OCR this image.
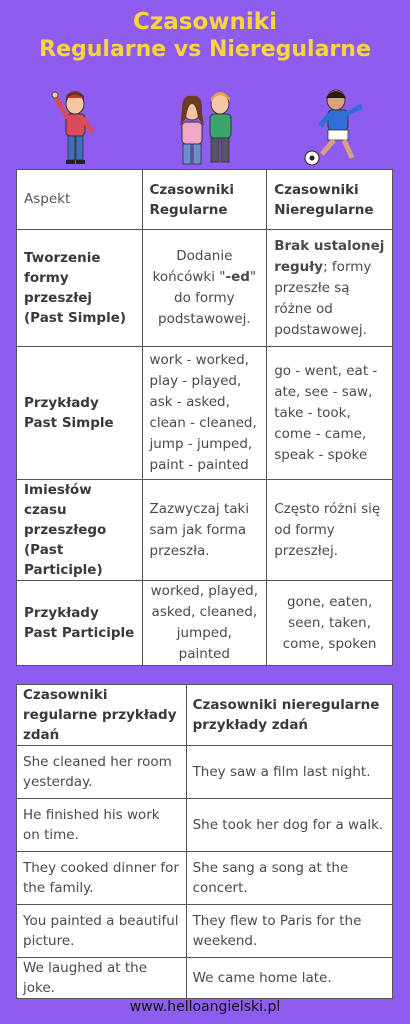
Czasowniki
Regularne vs Nieregularne
Aspekt	Czasowniki Regularne	Czasowniki Nieregularne
Tworzenie formy przeszłej (Past Simple)	Dodanie końcówki "-ed" do formy podstawowej.	Brak ustalonej reguły; formy przeszłe są różne od podstawowej.
Przykłady Past Simple	work - worked, play - played, ask - asked, clean - cleaned, jump - jumped, paint - painted	go - went, eat - ate, see - saw, take - took, come - came, speak - spoke
Imiesłów czasu przeszłego (Past Participle)	Zazwyczaj taki sam jak forma przeszła.	Często różni się od formy przeszłej.
Przykłady Past Participle	worked, played, asked, cleaned, jumped, painted	gone, eaten, seen, taken, come, spoken
Czasowniki regularne przykłady zdań	Czasowniki nieregularne przykłady zdań
She cleaned her room yesterday.	They saw a film last night.
He finished his work on time.	She took her dog for a walk.
They cooked dinner for the family.	She sang a song at the concert.
You painted a beautiful picture.	They flew to Paris for the weekend.
We laughed at the joke.	We came home late.
www.helloangielski.pl
